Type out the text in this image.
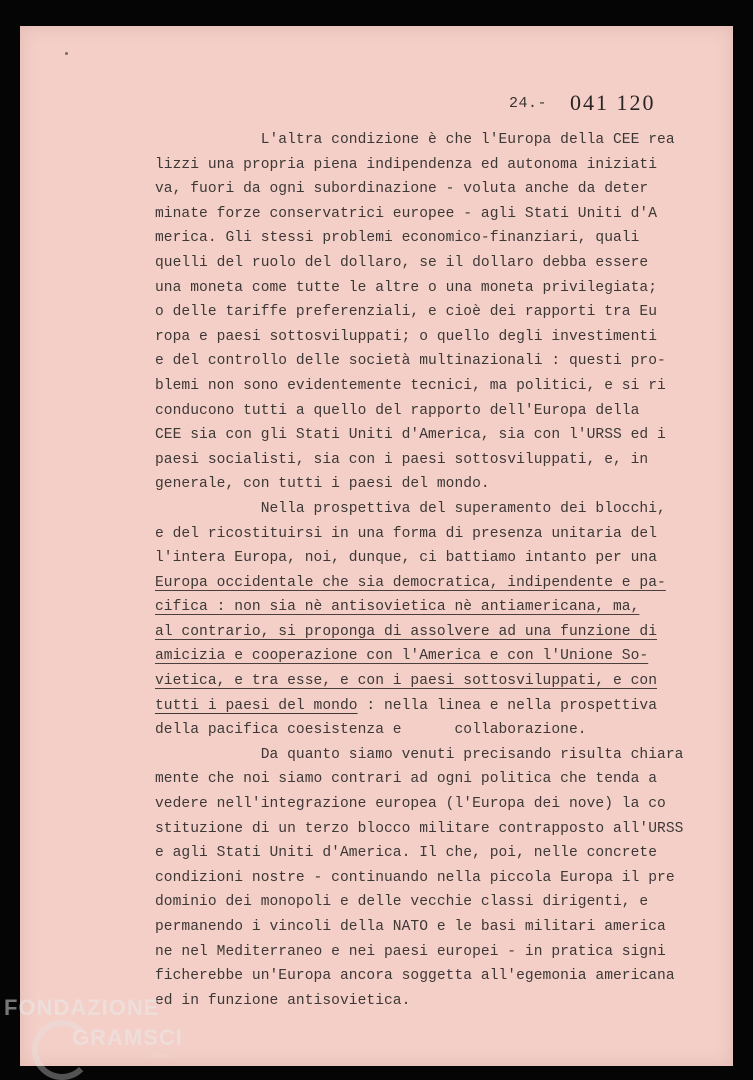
24.- 041 120
L'altra condizione è che l'Europa della CEE rea
lizzi una propria piena indipendenza ed autonoma iniziati
va, fuori da ogni subordinazione - voluta anche da deter
minate forze conservatrici europee - agli Stati Uniti d'A
merica. Gli stessi problemi economico-finanziari, quali
quelli del ruolo del dollaro, se il dollaro debba essere
una moneta come tutte le altre o una moneta privilegiata;
o delle tariffe preferenziali, e cioè dei rapporti tra Eu
ropa e paesi sottosviluppati; o quello degli investimenti
e del controllo delle società multinazionali : questi pro-
blemi non sono evidentemente tecnici, ma politici, e si ri
conducono tutti a quello del rapporto dell'Europa della
CEE sia con gli Stati Uniti d'America, sia con l'URSS ed i
paesi socialisti, sia con i paesi sottosviluppati, e, in
generale, con tutti i paesi del mondo.
Nella prospettiva del superamento dei blocchi,
e del ricostituirsi in una forma di presenza unitaria del
l'intera Europa, noi, dunque, ci battiamo intanto per una
Europa occidentale che sia democratica, indipendente e pa-
cifica : non sia nè antisovietica nè antiamericana, ma,
al contrario, si proponga di assolvere ad una funzione di
amicizia e cooperazione con l'America e con l'Unione So-
vietica, e tra esse, e con i paesi sottosviluppati, e con
tutti i paesi del mondo : nella linea e nella prospettiva
della pacifica coesistenza e      collaborazione.
Da quanto siamo venuti precisando risulta chiara
mente che noi siamo contrari ad ogni politica che tenda a
vedere nell'integrazione europea (l'Europa dei nove) la co
stituzione di un terzo blocco militare contrapposto all'URSS
e agli Stati Uniti d'America. Il che, poi, nelle concrete
condizioni nostre - continuando nella piccola Europa il pre
dominio dei monopoli e delle vecchie classi dirigenti, e
permanendo i vincoli della NATO e le basi militari america
ne nel Mediterraneo e nei paesi europei - in pratica signi
ficherebbe un'Europa ancora soggetta all'egemonia americana
ed in funzione antisovietica.
FONDAZIONE
GRAMSCI
onlus
